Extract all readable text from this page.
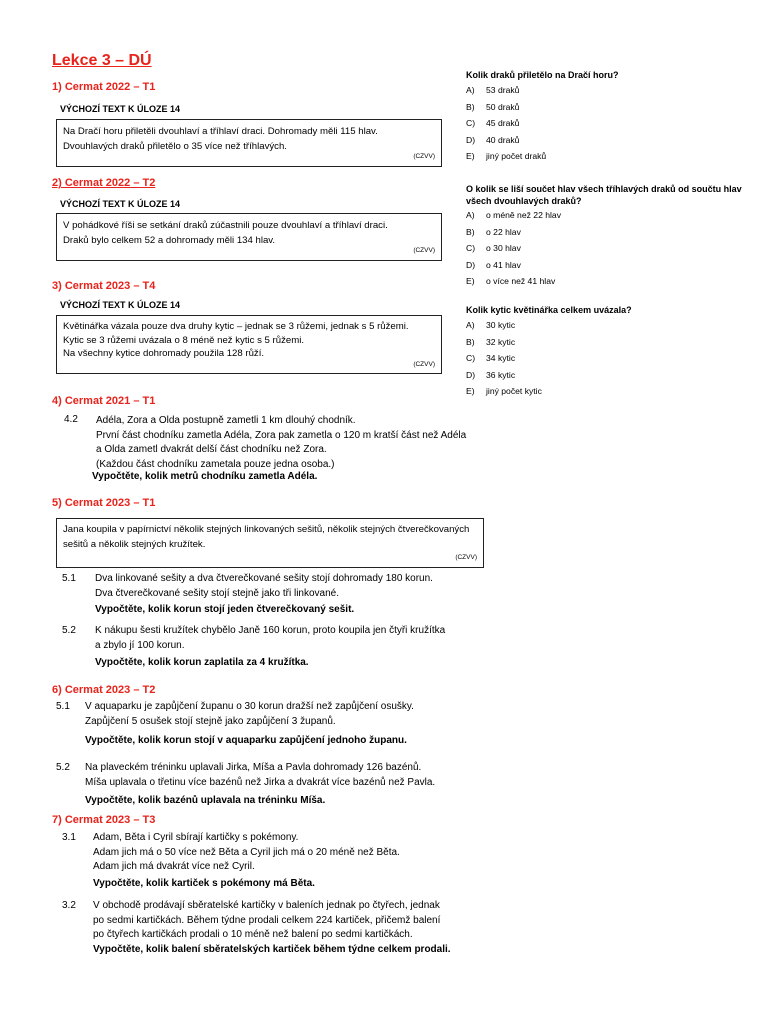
Lekce 3 – DÚ
1) Cermat 2022 – T1
VÝCHOZÍ TEXT K ÚLOZE 14

Na Dračí horu přiletěli dvouhlaví a tříhlaví draci. Dohromady měli 115 hlav.

Dvouhlavých draků přiletělo o 35 více než tříhlavých.

(CZVV)
Kolik draků přiletělo na Dračí horu?
A)	53 draků
B)	50 draků
C)	45 draků
D)	40 draků
E)	jiný počet draků
2) Cermat 2022 – T2
VÝCHOZÍ TEXT K ÚLOZE 14

V pohádkové říši se setkání draků zúčastnili pouze dvouhlaví a tříhlaví draci.

Draků bylo celkem 52 a dohromady měli 134 hlav.

(CZVV)
O kolik se liší součet hlav všech tříhlavých draků od součtu hlav
všech dvouhlavých draků?
A)	o méně než 22 hlav
B)	o 22 hlav
C)	o 30 hlav
D)	o 41 hlav
E)	o více než 41 hlav
3) Cermat 2023 – T4
VÝCHOZÍ TEXT K ÚLOZE 14

Květinářka vázala pouze dva druhy kytic – jednak se 3 růžemi, jednak s 5 růžemi.

Kytic se 3 růžemi uvázala o 8 méně než kytic s 5 růžemi.

Na všechny kytice dohromady použila 128 růží.

(CZVV)
Kolik kytic květinářka celkem uvázala?
A)	30 kytic
B)	32 kytic
C)	34 kytic
D)	36 kytic
E)	jiný počet kytic
4) Cermat 2021 – T1
4.2 Adéla, Zora a Olda postupně zametli 1 km dlouhý chodník.

První část chodníku zametla Adéla, Zora pak zametla o 120 m kratší část než Adéla

a Olda zametl dvakrát delší část chodníku než Zora.

(Každou část chodníku zametala pouze jedna osoba.)

Vypočtěte, kolik metrů chodníku zametla Adéla.
5) Cermat 2023 – T1

Jana koupila v papírnictví několik stejných linkovaných sešitů, několik stejných čtverečkovaných

sešitů a několik stejných kružítek.

(CZVV)
5.1 Dva linkované sešity a dva čtverečkované sešity stojí dohromady 180 korun.

Dva čtverečkované sešity stojí stejně jako tři linkované.

Vypočtěte, kolik korun stojí jeden čtverečkovaný sešit.
5.2 K nákupu šesti kružítek chybělo Janě 160 korun, proto koupila jen čtyři kružítka

a zbylo jí 100 korun.

Vypočtěte, kolik korun zaplatila za 4 kružítka.
6) Cermat 2023 – T2
5.1 V aquaparku je zapůjčení županu o 30 korun dražší než zapůjčení osušky.

Zapůjčení 5 osušek stojí stejně jako zapůjčení 3 županů.

Vypočtěte, kolik korun stojí v aquaparku zapůjčení jednoho županu.
5.2 Na plaveckém tréninku uplavali Jirka, Míša a Pavla dohromady 126 bazénů.

Míša uplavala o třetinu více bazénů než Jirka a dvakrát více bazénů než Pavla.

Vypočtěte, kolik bazénů uplavala na tréninku Míša.
7) Cermat 2023 – T3
3.1 Adam, Běta i Cyril sbírají kartičky s pokémony.

Adam jich má o 50 více než Běta a Cyril jich má o 20 méně než Běta.

Adam jich má dvakrát více než Cyril.

Vypočtěte, kolik kartiček s pokémony má Běta.
3.2 V obchodě prodávají sběratelské kartičky v baleních jednak po čtyřech, jednak

po sedmi kartičkách. Během týdne prodali celkem 224 kartiček, přičemž balení

po čtyřech kartičkách prodali o 10 méně než balení po sedmi kartičkách.

Vypočtěte, kolik balení sběratelských kartiček během týdne celkem prodali.
